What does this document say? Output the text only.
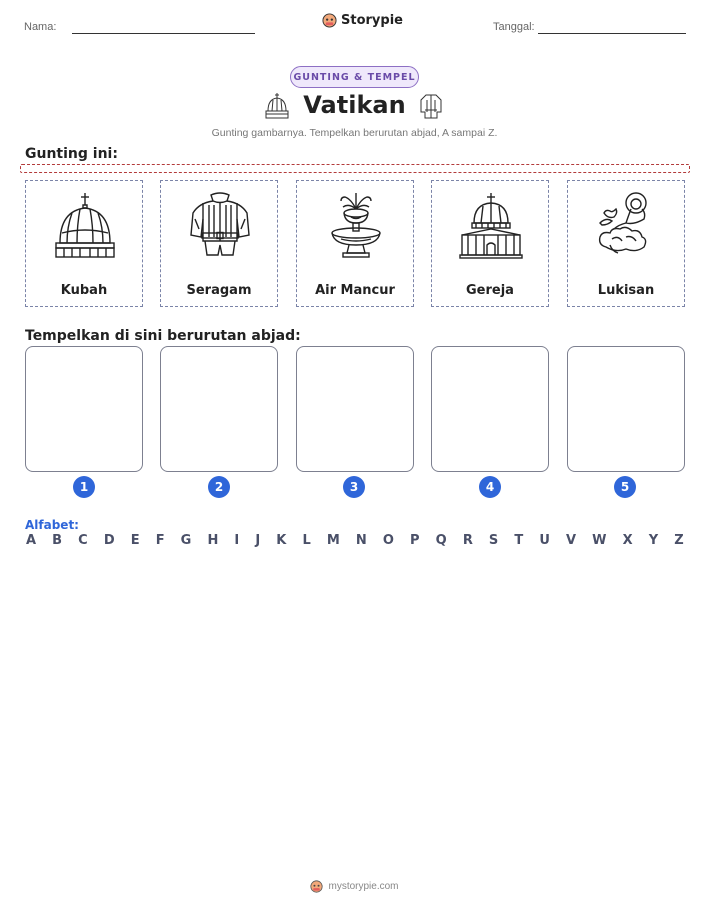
Nama:	Storypie	Tanggal:
GUNTING & TEMPEL
Vatikan
Gunting gambarnya. Tempelkan berurutan abjad, A sampai Z.
Gunting ini:
Kubah	Seragam	Air Mancur	Gereja	Lukisan
Tempelkan di sini berurutan abjad:
1	2	3	4	5
Alfabet:
A B C D E F G H I J K L M N O P Q R S T U V W X Y Z
mystorypie.com
